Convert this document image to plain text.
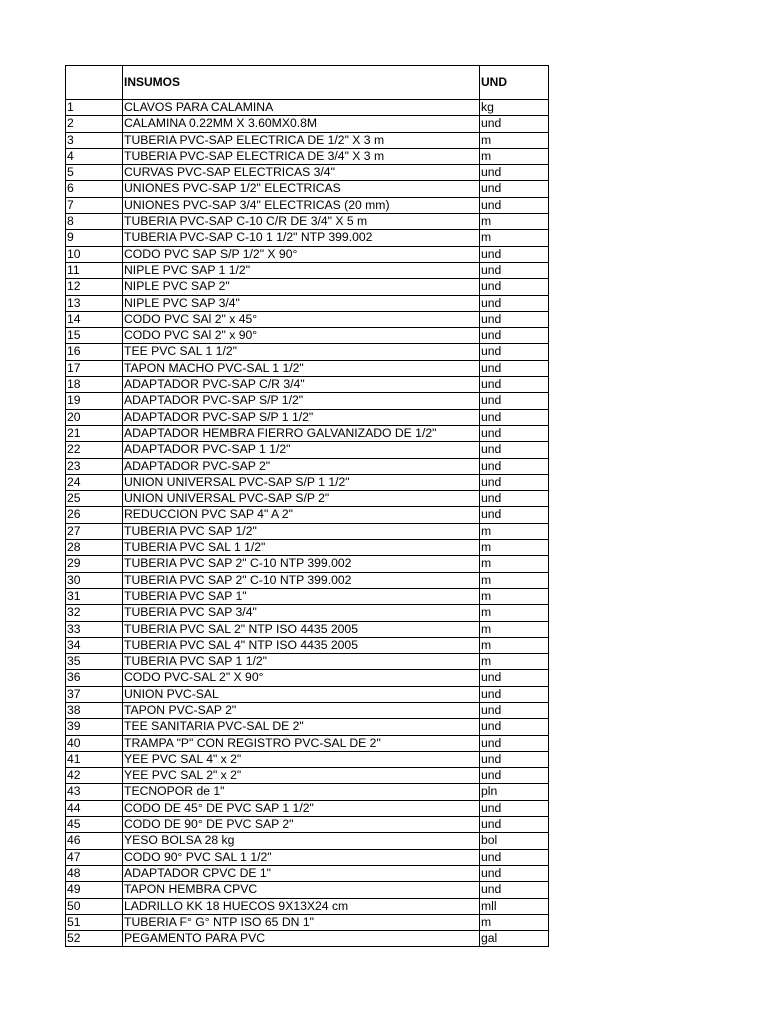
	INSUMOS	UND
1	CLAVOS PARA CALAMINA	kg
2	CALAMINA 0.22MM X 3.60MX0.8M	und
3	TUBERIA PVC-SAP ELECTRICA DE 1/2" X 3 m	m
4	TUBERIA PVC-SAP ELECTRICA DE 3/4" X 3 m	m
5	CURVAS PVC-SAP ELECTRICAS 3/4"	und
6	UNIONES PVC-SAP 1/2" ELECTRICAS	und
7	UNIONES PVC-SAP 3/4" ELECTRICAS (20 mm)	und
8	TUBERIA PVC-SAP C-10 C/R DE 3/4" X 5 m	m
9	TUBERIA PVC-SAP C-10 1 1/2" NTP 399.002	m
10	CODO PVC SAP S/P 1/2" X 90°	und
11	NIPLE PVC SAP 1 1/2"	und
12	NIPLE PVC SAP 2"	und
13	NIPLE PVC SAP 3/4"	und
14	CODO PVC SAl 2" x 45°	und
15	CODO PVC SAl 2" x 90°	und
16	TEE PVC SAL 1 1/2"	und
17	TAPON MACHO PVC-SAL 1 1/2"	und
18	ADAPTADOR PVC-SAP C/R 3/4"	und
19	ADAPTADOR PVC-SAP S/P 1/2"	und
20	ADAPTADOR PVC-SAP S/P 1 1/2"	und
21	ADAPTADOR HEMBRA FIERRO GALVANIZADO DE 1/2"	und
22	ADAPTADOR PVC-SAP 1 1/2"	und
23	ADAPTADOR PVC-SAP 2"	und
24	UNION UNIVERSAL PVC-SAP S/P 1 1/2"	und
25	UNION UNIVERSAL PVC-SAP S/P 2"	und
26	REDUCCION PVC SAP 4" A 2"	und
27	TUBERIA PVC SAP 1/2"	m
28	TUBERIA PVC SAL 1 1/2"	m
29	TUBERIA PVC SAP 2" C-10 NTP 399.002	m
30	TUBERIA PVC SAP 2" C-10 NTP 399.002	m
31	TUBERIA PVC SAP 1"	m
32	TUBERIA PVC SAP 3/4"	m
33	TUBERIA PVC SAL 2" NTP ISO 4435 2005	m
34	TUBERIA PVC SAL 4" NTP ISO 4435 2005	m
35	TUBERIA PVC SAP 1 1/2"	m
36	CODO PVC-SAL 2" X 90°	und
37	UNION PVC-SAL	und
38	TAPON PVC-SAP 2"	und
39	TEE SANITARIA PVC-SAL DE 2"	und
40	TRAMPA "P" CON REGISTRO PVC-SAL DE 2"	und
41	YEE PVC SAL 4" x 2"	und
42	YEE PVC SAL 2" x 2"	und
43	TECNOPOR de 1"	pln
44	CODO DE 45° DE PVC SAP 1 1/2"	und
45	CODO DE 90° DE PVC SAP 2"	und
46	YESO BOLSA 28 kg	bol
47	CODO 90° PVC SAL 1 1/2"	und
48	ADAPTADOR CPVC DE 1"	und
49	TAPON HEMBRA CPVC	und
50	LADRILLO KK 18 HUECOS 9X13X24 cm	mll
51	TUBERIA F° G° NTP ISO 65 DN 1"	m
52	PEGAMENTO PARA PVC	gal
